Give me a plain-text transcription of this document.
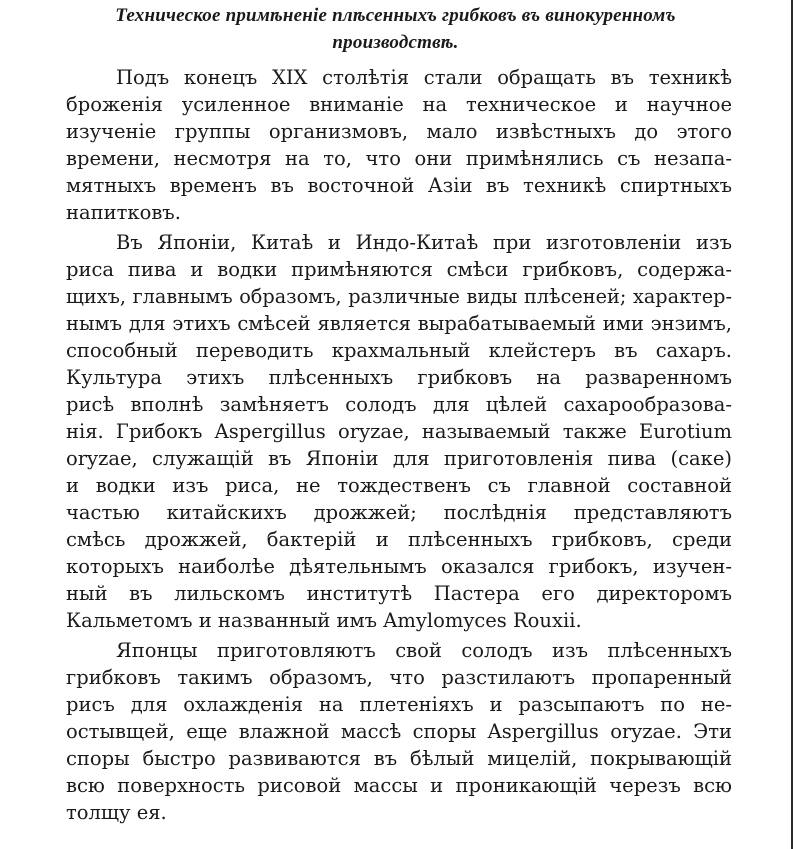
Техническое примѣненіе плѣсенныхъ грибковъ въ винокуренномъ
производствѣ.
Подъ конецъ XIX столѣтія стали обращать въ техникѣ
броженія усиленное вниманіе на техническое и научное
изученіе группы организмовъ, мало извѣстныхъ до этого
времени, несмотря на то, что они примѣнялись съ незапа-
мятныхъ временъ въ восточной Азіи въ техникѣ спиртныхъ
напитковъ.
Въ Японіи, Китаѣ и Индо-Китаѣ при изготовленіи изъ
риса пива и водки примѣняются смѣси грибковъ, содержа-
щихъ, главнымъ образомъ, различные виды плѣсеней; характер-
нымъ для этихъ смѣсей является вырабатываемый ими энзимъ,
способный переводить крахмальный клейстеръ въ сахаръ.
Культура этихъ плѣсенныхъ грибковъ на разваренномъ
рисѣ вполнѣ замѣняетъ солодъ для цѣлей сахарообразова-
нія. Грибокъ Aspergillus oryzae, называемый также Eurotium
oryzae, служащій въ Японіи для приготовленія пива (саке)
и водки изъ риса, не тождественъ съ главной составной
частью китайскихъ дрожжей; послѣднія представляютъ
смѣсь дрожжей, бактерій и плѣсенныхъ грибковъ, среди
которыхъ наиболѣе дѣятельнымъ оказался грибокъ, изучен-
ный въ лильскомъ институтѣ Пастера его директоромъ
Кальметомъ и названный имъ Amylomyces Rouxii.
Японцы приготовляютъ свой солодъ изъ плѣсенныхъ
грибковъ такимъ образомъ, что разстилаютъ пропаренный
рисъ для охлажденія на плетеніяхъ и разсыпаютъ по не-
остывщей, еще влажной массѣ споры Aspergillus oryzae. Эти
споры быстро развиваются въ бѣлый мицелій, покрывающій
всю поверхность рисовой массы и проникающій черезъ всю
толщу ея.
